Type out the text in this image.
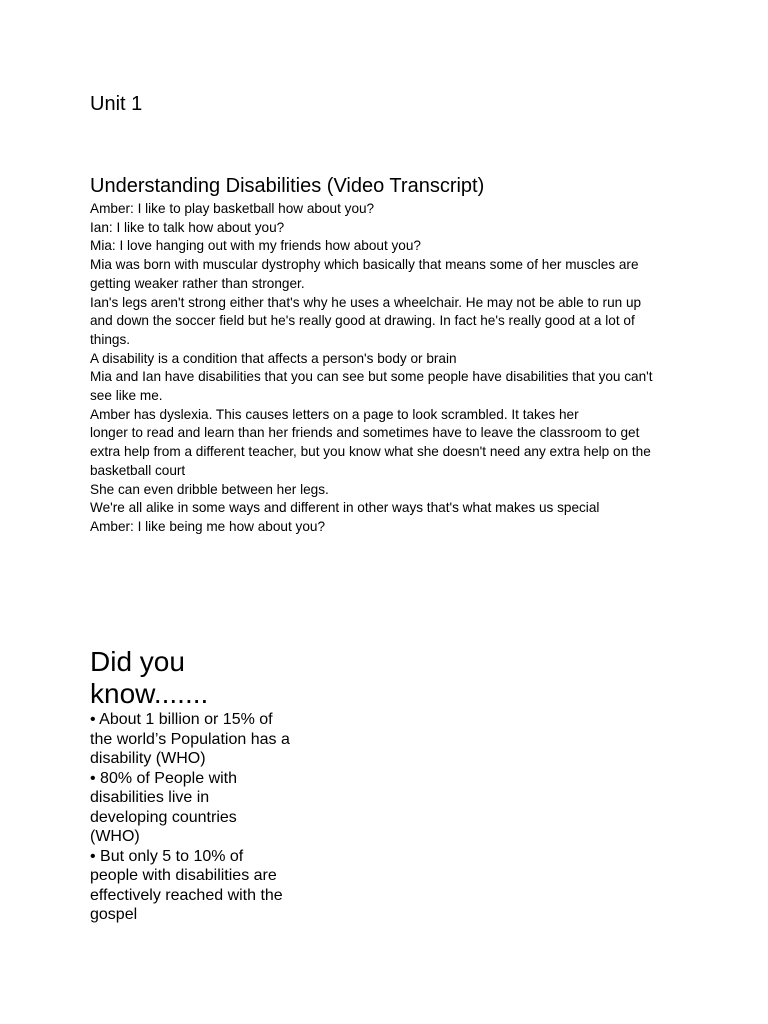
Unit 1
Understanding Disabilities (Video Transcript)
Amber: I like to play basketball how about you?
Ian: I like to talk how about you?
Mia: I love hanging out with my friends how about you?
Mia was born with muscular dystrophy which basically that means some of her muscles are getting weaker rather than stronger.
Ian's legs aren't strong either that's why he uses a wheelchair. He may not be able to run up and down the soccer field but he's really good at drawing. In fact he's really good at a lot of things.
A disability is a condition that affects a person's body or brain
Mia and Ian have disabilities that you can see but some people have disabilities that you can't see like me.
Amber has dyslexia. This causes letters on a page to look scrambled. It takes her
longer to read and learn than her friends and sometimes have to leave the classroom to get extra help from a different teacher, but you know what she doesn't need any extra help on the basketball court
She can even dribble between her legs.
We're all alike in some ways and different in other ways that's what makes us special
Amber: I like being me how about you?
Did you know.......
• About 1 billion or 15% of the world’s Population has a disability (WHO)
• 80% of People with disabilities live in developing countries (WHO)
• But only 5 to 10% of people with disabilities are effectively reached with the gospel
